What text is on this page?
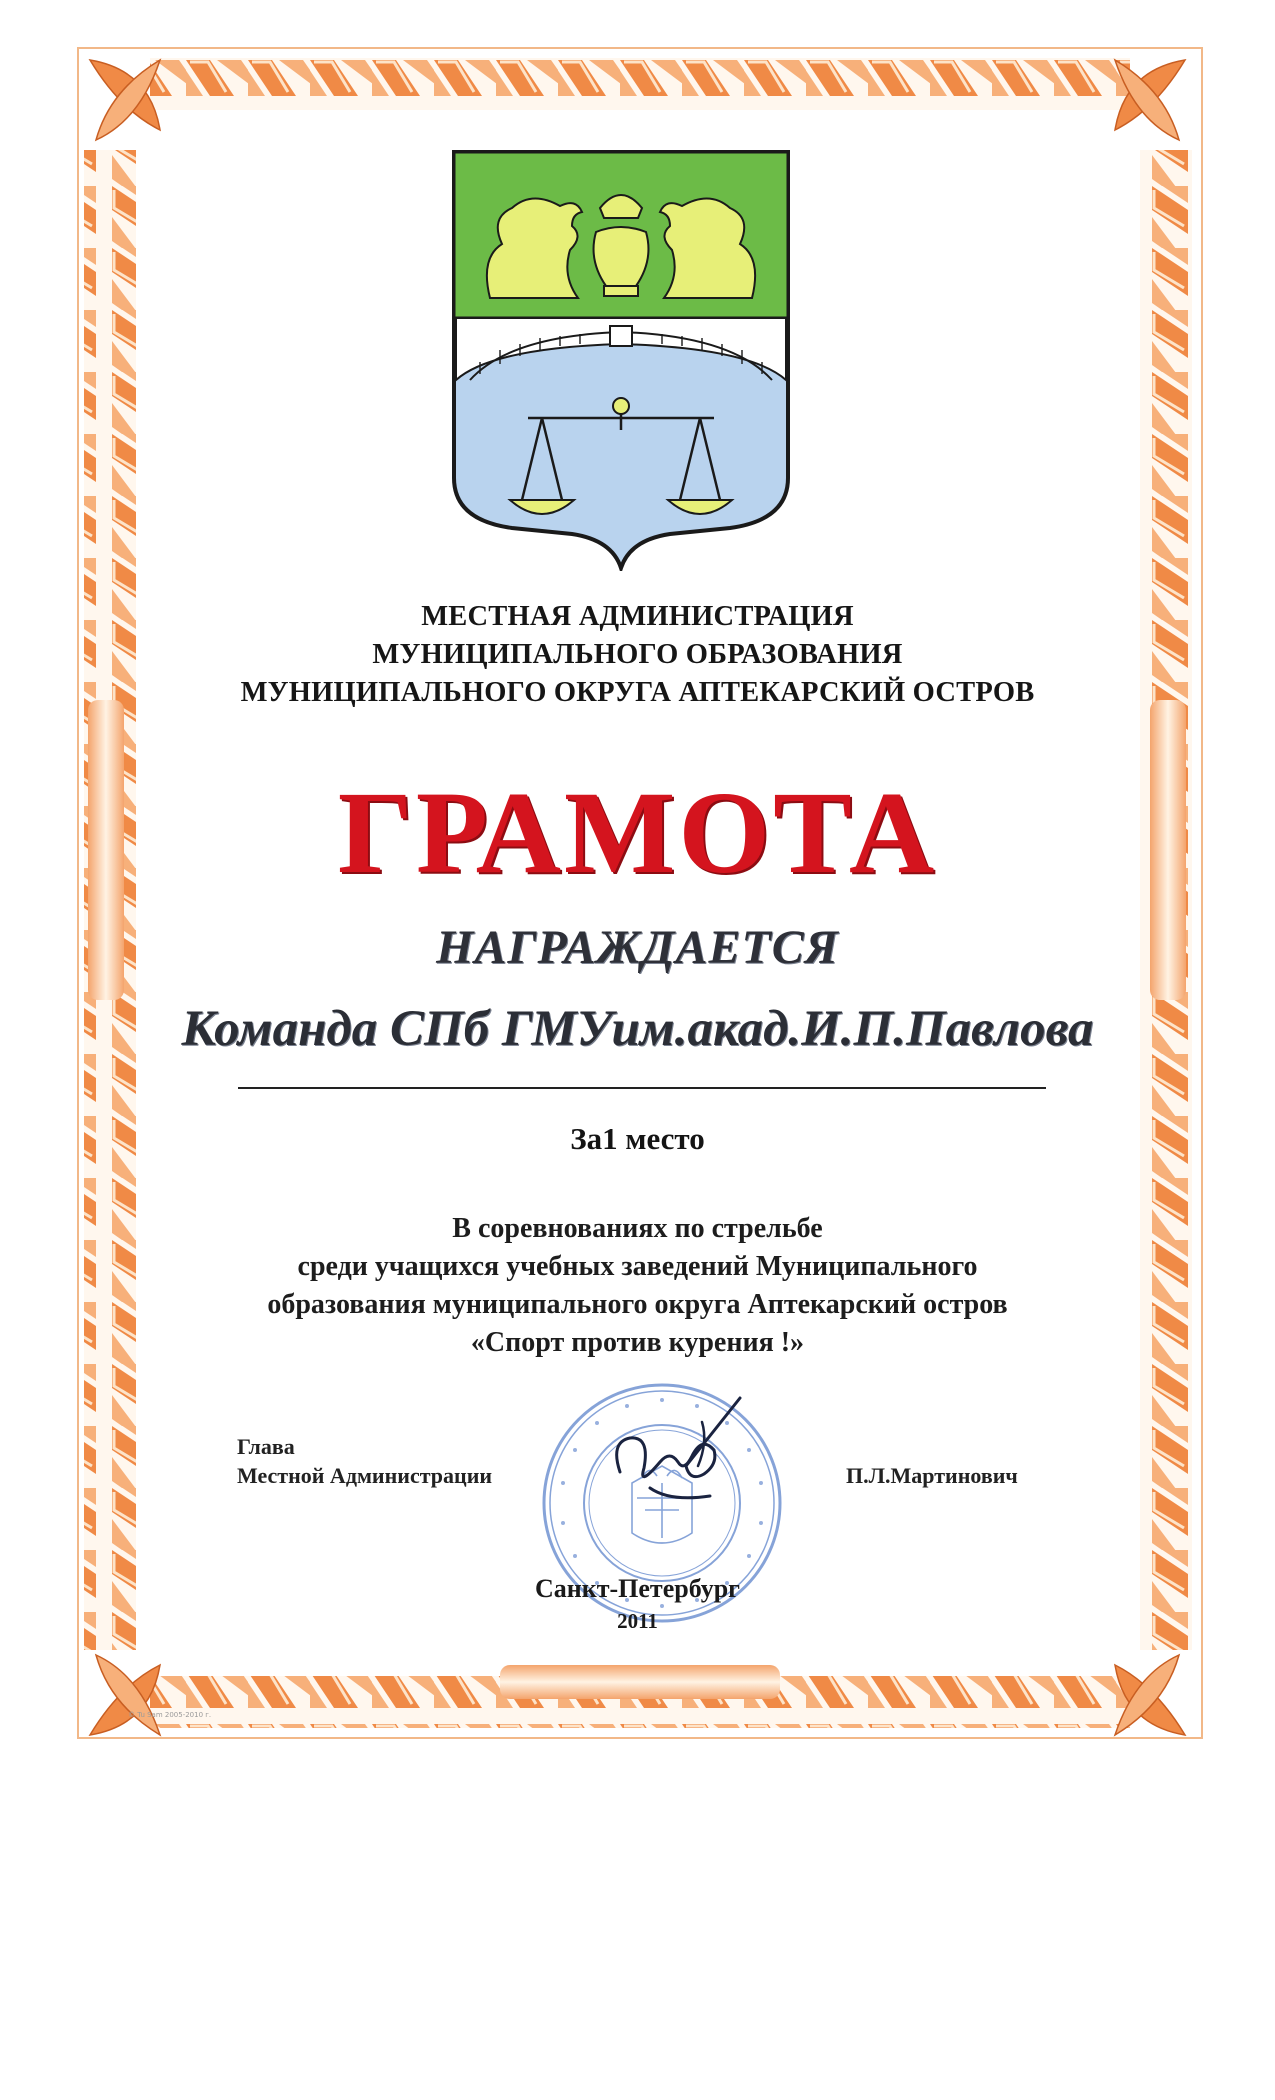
МЕСТНАЯ АДМИНИСТРАЦИЯ
МУНИЦИПАЛЬНОГО ОБРАЗОВАНИЯ
МУНИЦИПАЛЬНОГО ОКРУГА АПТЕКАРСКИЙ ОСТРОВ
ГРАМОТА
НАГРАЖДАЕТСЯ
Команда СПб ГМУим.акад.И.П.Павлова
За1 место
В соревнованиях по стрельбе
среди учащихся учебных заведений Муниципального
образования муниципального округа Аптекарский остров
«Спорт против курения !»
Глава
Местной Администрации	П.Л.Мартинович
Санкт-Петербург
2011
© Tu Sam 2005-2010 г.
